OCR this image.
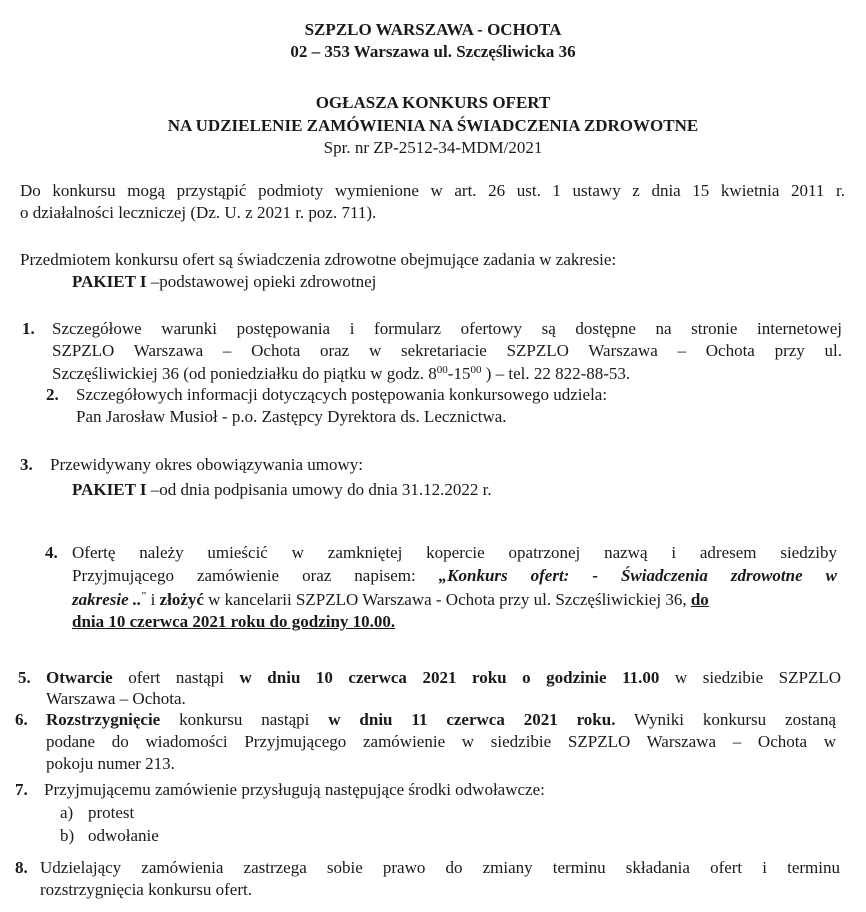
SZPZLO WARSZAWA - OCHOTA
02 – 353 Warszawa ul. Szczęśliwicka 36
OGŁASZA KONKURS OFERT
NA UDZIELENIE ZAMÓWIENIA NA ŚWIADCZENIA ZDROWOTNE
Spr. nr ZP-2512-34-MDM/2021
Do konkursu mogą przystąpić podmioty wymienione w art. 26 ust. 1 ustawy z dnia 15 kwietnia 2011 r.
o działalności leczniczej (Dz. U. z 2021 r. poz. 711).
Przedmiotem konkursu ofert są świadczenia zdrowotne obejmujące zadania w zakresie:
PAKIET I –podstawowej opieki zdrowotnej
1. Szczegółowe warunki postępowania i formularz ofertowy są dostępne na stronie internetowej
SZPZLO Warszawa – Ochota oraz w sekretariacie SZPZLO Warszawa – Ochota przy ul.
Szczęśliwickiej 36 (od poniedziałku do piątku w godz. $8^{00}-15^{00}$ ) – tel. 22 822-88-53.
2. Szczegółowych informacji dotyczących postępowania konkursowego udziela:
Pan Jarosław Musioł - p.o. Zastępcy Dyrektora ds. Lecznictwa.
3. Przewidywany okres obowiązywania umowy:
PAKIET I –od dnia podpisania umowy do dnia 31.12.2022 r.
4. Ofertę należy umieścić w zamkniętej kopercie opatrzonej nazwą i adresem siedziby
Przyjmującego zamówienie oraz napisem: „Konkurs ofert: - Świadczenia zdrowotne w
zakresie ..” i złożyć w kancelarii SZPZLO Warszawa - Ochota przy ul. Szczęśliwickiej 36, do
dnia 10 czerwca 2021 roku do godziny 10.00.
5. Otwarcie ofert nastąpi w dniu 10 czerwca 2021 roku o godzinie 11.00 w siedzibie SZPZLO
Warszawa – Ochota.
6. Rozstrzygnięcie konkursu nastąpi w dniu 11 czerwca 2021 roku. Wyniki konkursu zostaną
podane do wiadomości Przyjmującego zamówienie w siedzibie SZPZLO Warszawa – Ochota w
pokoju numer 213.
7. Przyjmującemu zamówienie przysługują następujące środki odwoławcze:
a) protest
b) odwołanie
8. Udzielający zamówienia zastrzega sobie prawo do zmiany terminu składania ofert i terminu
rozstrzygnięcia konkursu ofert.
